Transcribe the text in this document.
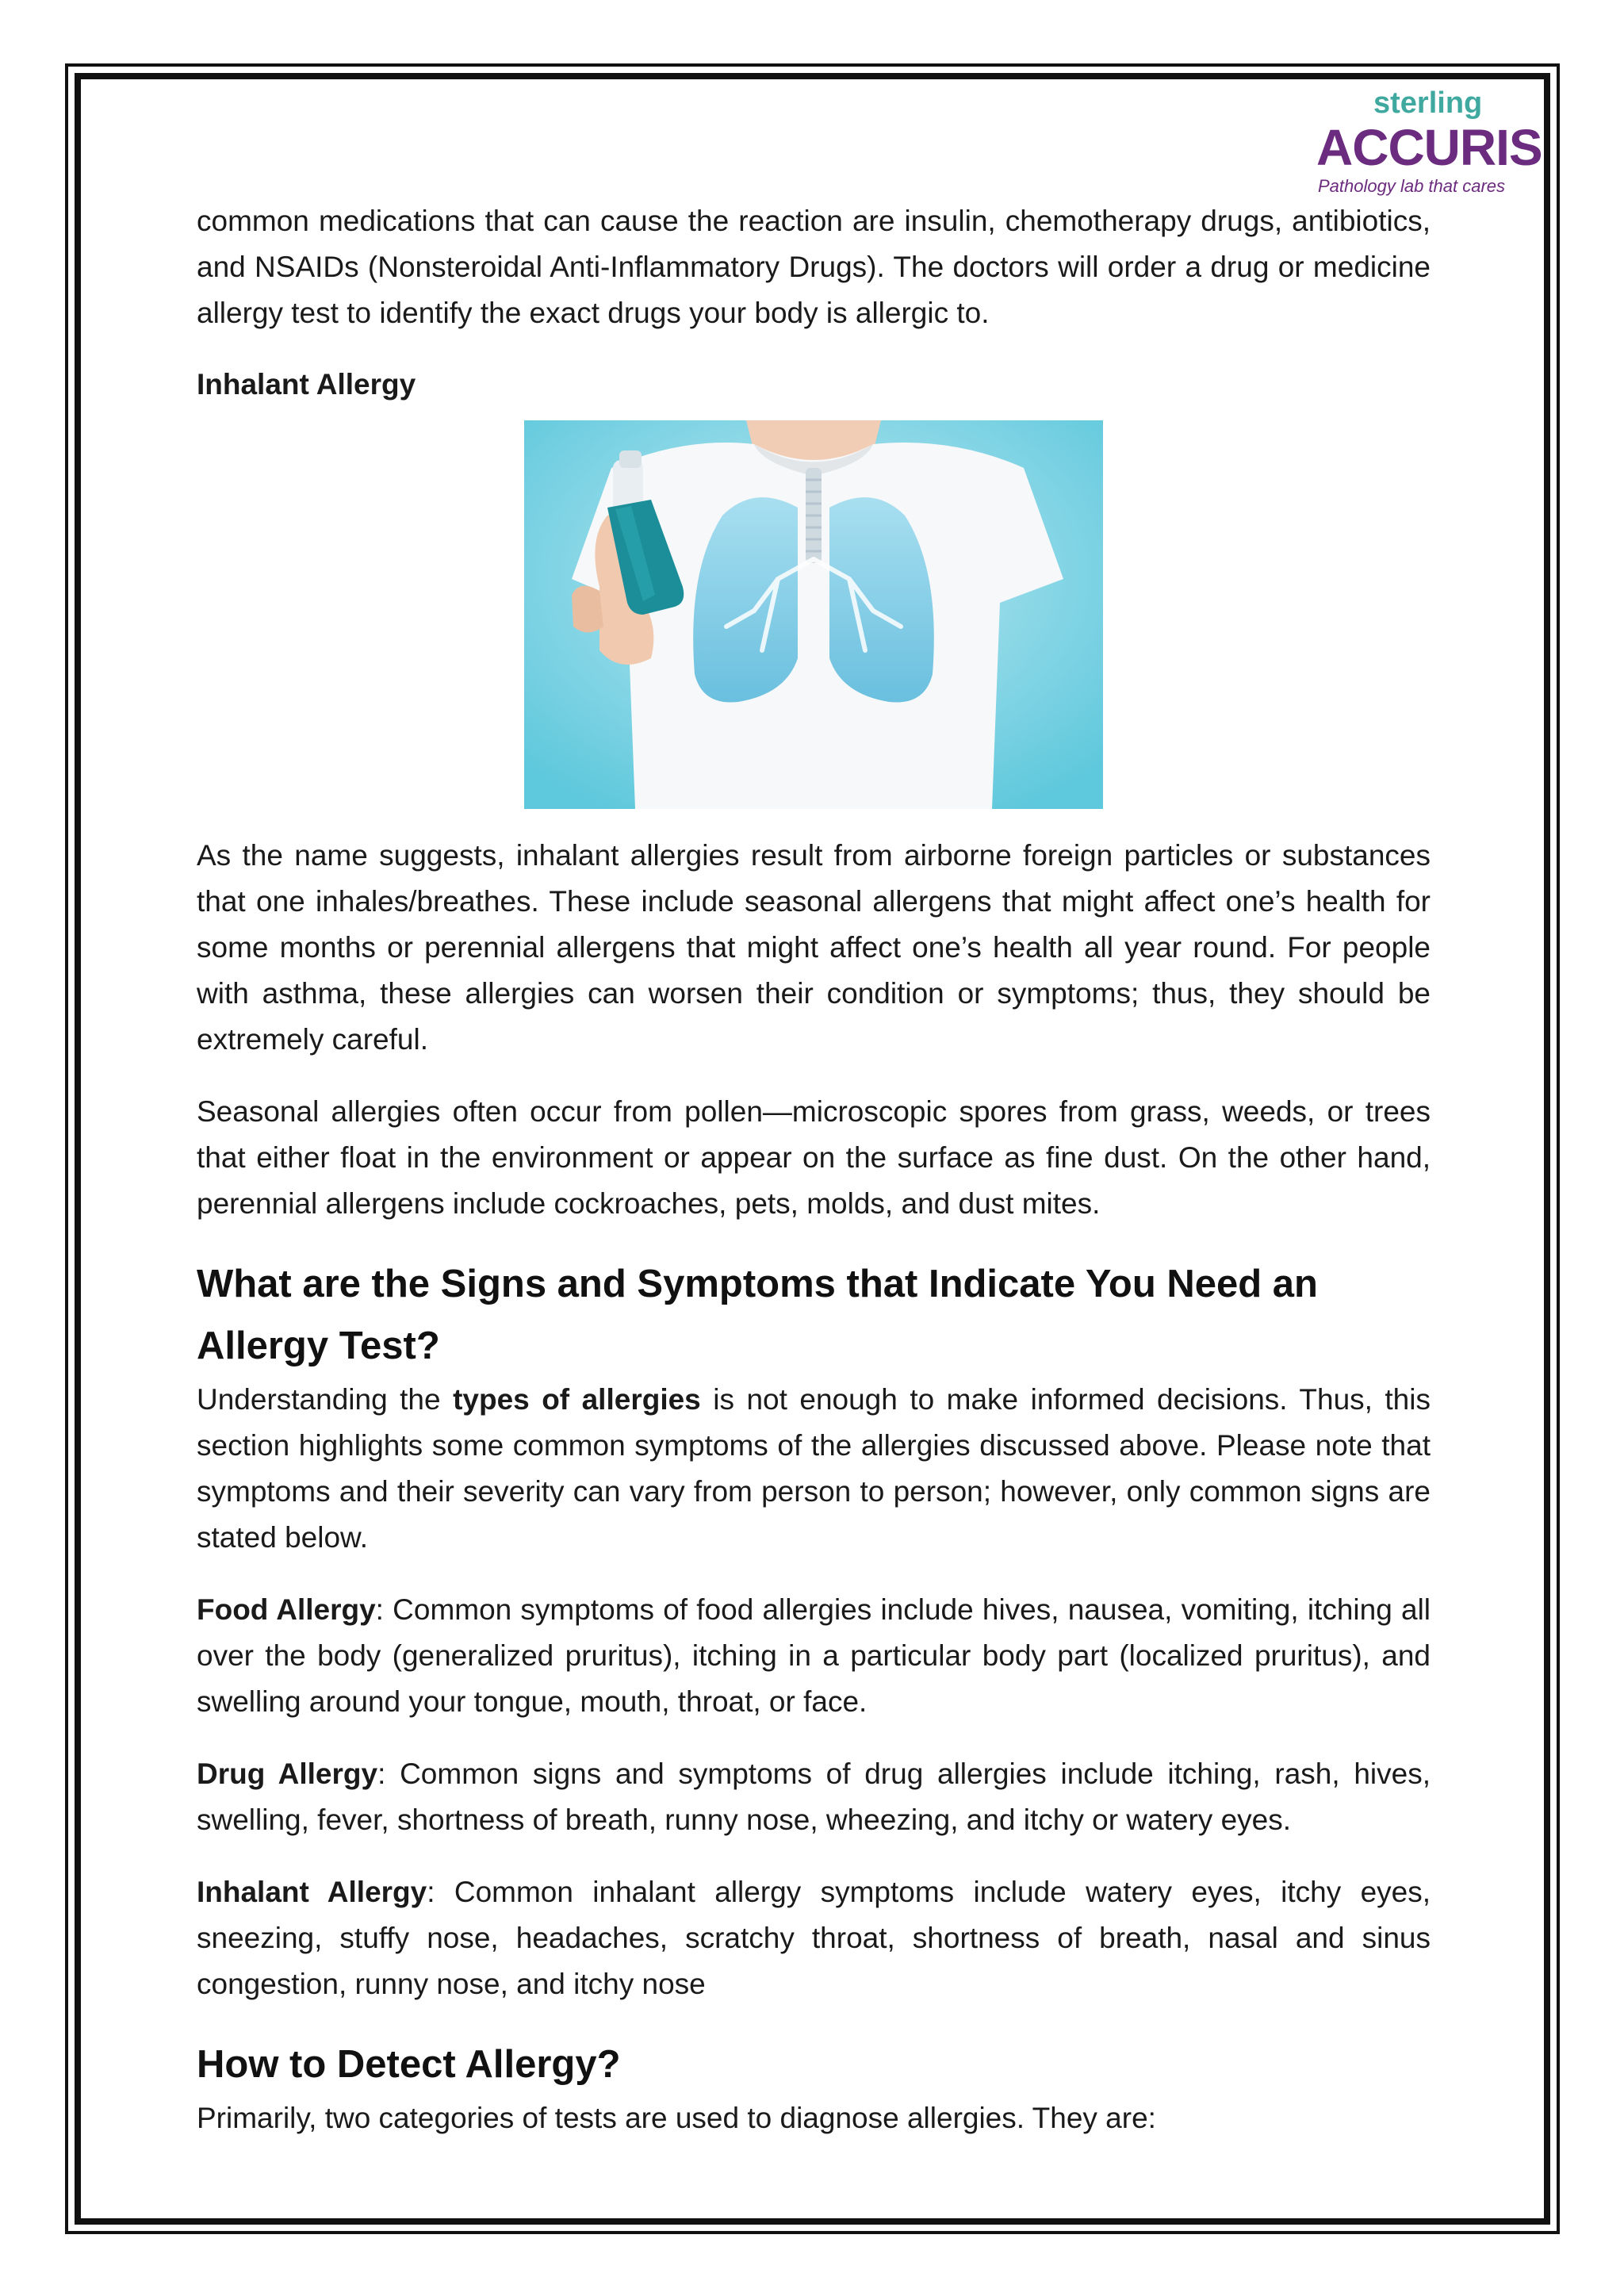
sterling
ACCURIS
Pathology lab that cares

common medications that can cause the reaction are insulin, chemotherapy drugs, antibiotics, and NSAIDs (Nonsteroidal Anti-Inflammatory Drugs). The doctors will order a drug or medicine allergy test to identify the exact drugs your body is allergic to.

Inhalant Allergy

As the name suggests, inhalant allergies result from airborne foreign particles or substances that one inhales/breathes. These include seasonal allergens that might affect one’s health for some months or perennial allergens that might affect one’s health all year round. For people with asthma, these allergies can worsen their condition or symptoms; thus, they should be extremely careful.

Seasonal allergies often occur from pollen—microscopic spores from grass, weeds, or trees that either float in the environment or appear on the surface as fine dust. On the other hand, perennial allergens include cockroaches, pets, molds, and dust mites.

What are the Signs and Symptoms that Indicate You Need an Allergy Test?

Understanding the types of allergies is not enough to make informed decisions. Thus, this section highlights some common symptoms of the allergies discussed above. Please note that symptoms and their severity can vary from person to person; however, only common signs are stated below.

Food Allergy: Common symptoms of food allergies include hives, nausea, vomiting, itching all over the body (generalized pruritus), itching in a particular body part (localized pruritus), and swelling around your tongue, mouth, throat, or face.

Drug Allergy: Common signs and symptoms of drug allergies include itching, rash, hives, swelling, fever, shortness of breath, runny nose, wheezing, and itchy or watery eyes.

Inhalant Allergy: Common inhalant allergy symptoms include watery eyes, itchy eyes, sneezing, stuffy nose, headaches, scratchy throat, shortness of breath, nasal and sinus congestion, runny nose, and itchy nose

How to Detect Allergy?

Primarily, two categories of tests are used to diagnose allergies. They are:
